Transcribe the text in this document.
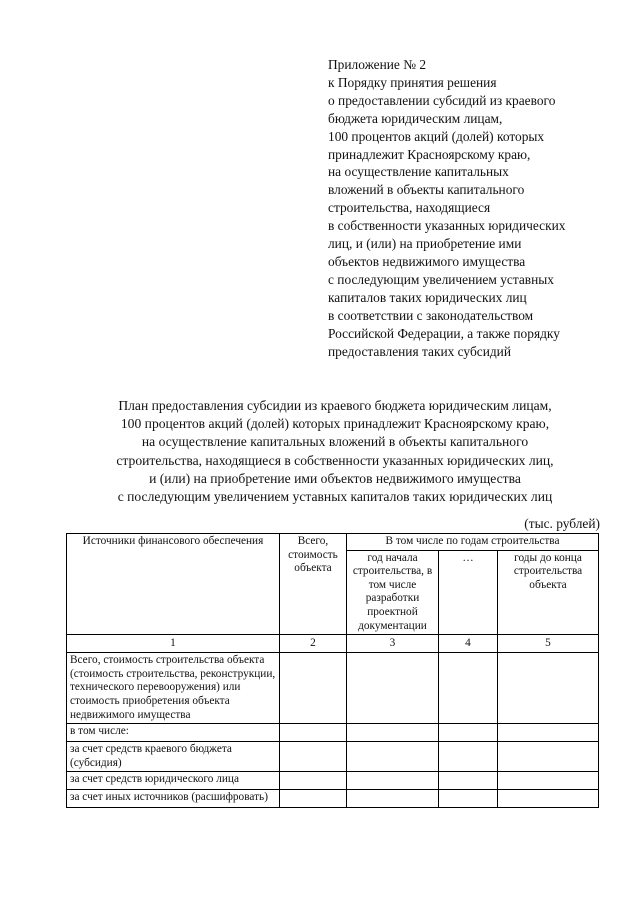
Приложение № 2
к Порядку принятия решения
о предоставлении субсидий из краевого
бюджета юридическим лицам,
100 процентов акций (долей) которых
принадлежит Красноярскому краю,
на осуществление капитальных
вложений в объекты капитального
строительства, находящиеся
в собственности указанных юридических
лиц, и (или) на приобретение ими
объектов недвижимого имущества
с последующим увеличением уставных
капиталов таких юридических лиц
в соответствии с законодательством
Российской Федерации, а также порядку
предоставления таких субсидий
План предоставления субсидии из краевого бюджета юридическим лицам,
100 процентов акций (долей) которых принадлежит Красноярскому краю,
на осуществление капитальных вложений в объекты капитального
строительства, находящиеся в собственности указанных юридических лиц,
и (или) на приобретение ими объектов недвижимого имущества
с последующим увеличением уставных капиталов таких юридических лиц
(тыс. рублей)
Источники финансового обеспечения	Всего, стоимость объекта	В том числе по годам строительства		
		год начала строительства, в том числе разработки проектной документации	…	годы до конца строительства объекта
1	2	3	4	5
Всего, стоимость строительства объекта (стоимость строительства, реконструкции, технического перевооружения) или стоимость приобретения объекта недвижимого имущества				
в том числе:				
за счет средств краевого бюджета (субсидия)				
за счет средств юридического лица				
за счет иных источников (расшифровать)				
